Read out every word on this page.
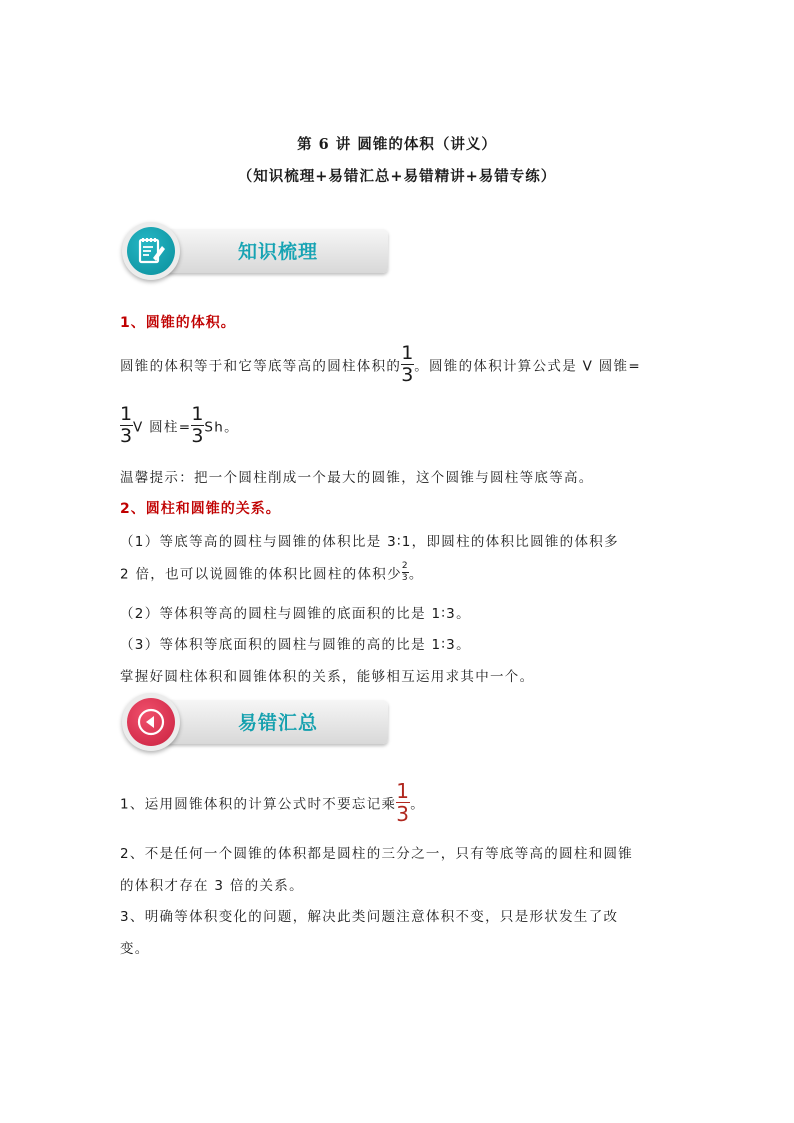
第 6 讲 圆锥的体积（讲义）
（知识梳理+易错汇总+易错精讲+易错专练）
知识梳理
1、圆锥的体积。
圆锥的体积等于和它等底等高的圆柱体积的 $\frac{1}{3}$ 。圆锥的体积计算公式是 V 圆锥=
$\frac{1}{3}$ V 圆柱= $\frac{1}{3}$ Sh。
温馨提示：把一个圆柱削成一个最大的圆锥，这个圆锥与圆柱等底等高。
2、圆柱和圆锥的关系。
（1）等底等高的圆柱与圆锥的体积比是 3∶1，即圆柱的体积比圆锥的体积多
2 倍，也可以说圆锥的体积比圆柱的体积少 $\frac{2}{3}$ 。
（2）等体积等高的圆柱与圆锥的底面积的比是 1∶3。
（3）等体积等底面积的圆柱与圆锥的高的比是 1∶3。
掌握好圆柱体积和圆锥体积的关系，能够相互运用求其中一个。
易错汇总
1、运用圆锥体积的计算公式时不要忘记乘 $\frac{1}{3}$ 。
2、不是任何一个圆锥的体积都是圆柱的三分之一，只有等底等高的圆柱和圆锥
的体积才存在 3 倍的关系。
3、明确等体积变化的问题，解决此类问题注意体积不变，只是形状发生了改
变。
